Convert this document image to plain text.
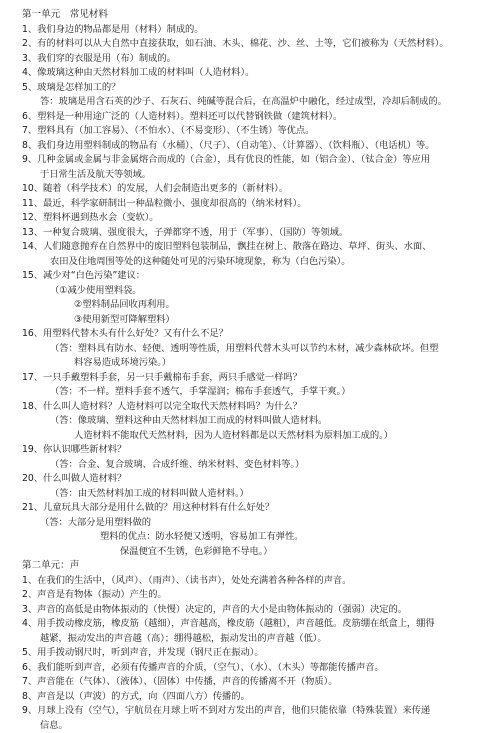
第一单元　常见材料
1、我们身边的物品都是用（材料）制成的。
2、有的材料可以从大自然中直接获取，如石油、木头、棉花、沙、丝、土等，它们被称为（天然材料）。
3、我们穿的衣服是用（布）制成的。
4、像玻璃这种由天然材料加工成的材料叫（人造材料）。
5、玻璃是怎样加工的？
答：玻璃是用含石英的沙子、石灰石、纯碱等混合后，在高温炉中融化，经过成型，冷却后制成的。
6、塑料是一种用途广泛的（人造材料）。塑料还可以代替钢铁做（建筑材料）。
7、塑料具有（加工容易）、（不怕水）、（不易变形）、（不生锈）等优点。
8、我们身边用塑料制成的物品有（水桶）、（尺子）、（自动笔）、（计算器）、（饮料瓶）、（电话机）等。
9、几种金属或金属与非金属熔合而成的（合金），具有优良的性能，如（铝合金）、（钛合金）等应用
于日常生活及航天等领域。
10、随着（科学技术）的发展，人们会制造出更多的（新材料）。
11、最近，科学家研制出一种晶粒微小、强度却很高的（纳米材料）。
12、塑料杯遇到热水会（变软）。
13、一种复合玻璃、强度很大，子弹都穿不透，用于（军事）、（国防）等领域。
14、人们随意抛弃在自然界中的废旧塑料包装制品，飘挂在树上、散落在路边、草坪、街头、水面、
农田及住地周围等处的这种随处可见的污染环境现象，称为（白色污染）。
15、减少对“白色污染”建议：
（①减少使用塑料袋。
②塑料制品回收再利用。
③使用新型可降解塑料）
16、用塑料代替木头有什么好处？又有什么不足？
（答：塑料具有防水、轻便、透明等性质，用塑料代替木头可以节约木材，减少森林砍坏。但塑
料容易造成环境污染。）
17、一只手戴塑料手套，另一只手戴棉布手套，两只手感觉一样吗？
（答：不一样。塑料手套不透气，手掌湿润；棉布手套透气，手掌干爽。）
18、什么叫人造材料？人造材料可以完全取代天然材料吗？为什么？
（答：像玻璃、塑料这种由天然材料加工而成的材料叫做人造材料。
人造材料不能取代天然材料，因为人造材料都是以天然材料为原料加工成的。）
19、你认识哪些新材料？
（答：合金、复合玻璃、合成纤维、纳米材料、变色材料等。）
20、什么叫做人造材料？
（答：由天然材料加工成的材料叫做人造材料。）
21、儿童玩具大部分是用什么做的？用这种材料有什么好处？
（答：大部分是用塑料做的
塑料的优点：防水轻便又透明，容易加工有弹性。
保温便宜不生锈，色彩鲜艳不导电。）
第二单元：声
1、在我们的生活中，（风声）、（雨声）、（读书声），处处充满着各种各样的声音。
2、声音是有物体（振动）产生的。
3、声音的高低是由物体振动的（快慢）决定的，声音的大小是由物体振动的（强弱）决定的。
4、用手拨动橡皮筋，橡皮筋（越细），声音越高，橡皮筋（越粗），声音越低。皮筋绷在纸盒上，绷得
越紧，振动发出的声音越（高）；绷得越松，振动发出的声音越（低）。
5、用手拨动钢尺时，听到声音，并发现（钢尺正在振动）。
6、我们能听到声音，必须有传播声音的介质，（空气）、（水）、（木头）等都能传播声音。
7、声音能在（气体）、（液体）、（固体）中传播，声音的传播离不开（物质）。
8、声音是以（声波）的方式，向（四面八方）传播的。
9、月球上没有（空气），宇航员在月球上听不到对方发出的声音，他们只能依靠（特殊装置）来传递
信息。
